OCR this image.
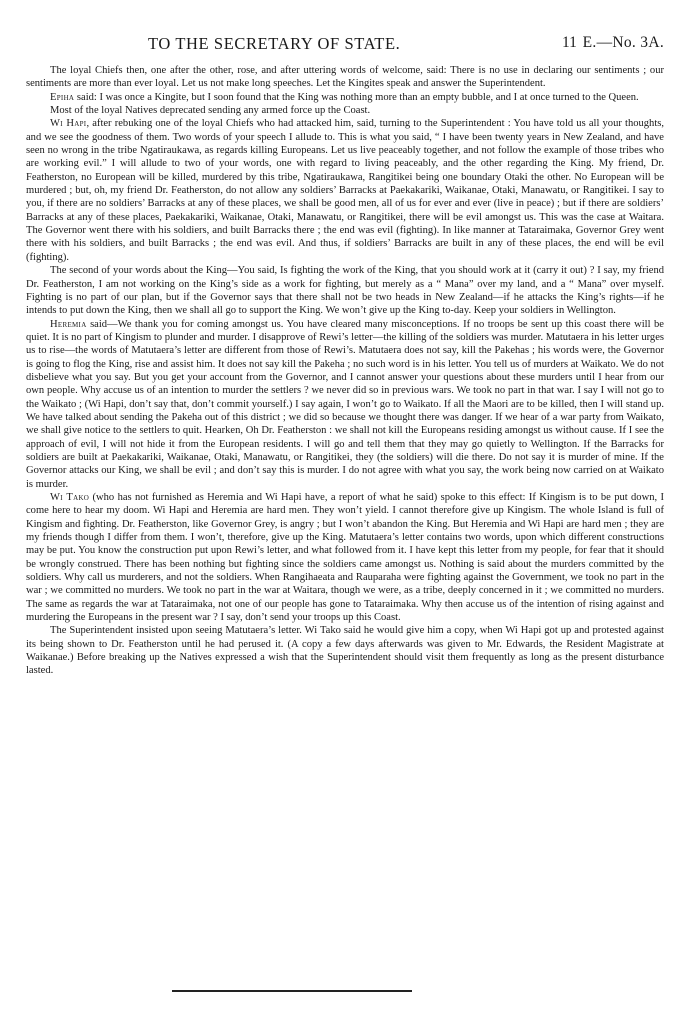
TO THE SECRETARY OF STATE.	11 E.—No. 3A.

The loyal Chiefs then, one after the other, rose, and after uttering words of welcome, said: There is no use in declaring our sentiments ; our sentiments are more than ever loyal. Let us not make long speeches. Let the Kingites speak and answer the Superintendent.

Epiha said: I was once a Kingite, but I soon found that the King was nothing more than an empty bubble, and I at once turned to the Queen.

Most of the loyal Natives deprecated sending any armed force up the Coast.

Wi Hapi, after rebuking one of the loyal Chiefs who had attacked him, said, turning to the Superintendent : You have told us all your thoughts, and we see the goodness of them. Two words of your speech I allude to. This is what you said, “ I have been twenty years in New Zealand, and have seen no wrong in the tribe Ngatiraukawa, as regards killing Europeans. Let us live peaceably together, and not follow the example of those tribes who are working evil.” I will allude to two of your words, one with regard to living peaceably, and the other regarding the King. My friend, Dr. Featherston, no European will be killed, murdered by this tribe, Ngatiraukawa, Rangitikei being one boundary Otaki the other. No European will be murdered ; but, oh, my friend Dr. Featherston, do not allow any soldiers’ Barracks at Paekakariki, Waikanae, Otaki, Manawatu, or Rangitikei. I say to you, if there are no soldiers’ Barracks at any of these places, we shall be good men, all of us for ever and ever (live in peace) ; but if there are soldiers’ Barracks at any of these places, Paekakariki, Waikanae, Otaki, Manawatu, or Rangitikei, there will be evil amongst us. This was the case at Waitara. The Governor went there with his soldiers, and built Barracks there ; the end was evil (fighting). In like manner at Tataraimaka, Governor Grey went there with his soldiers, and built Barracks ; the end was evil. And thus, if soldiers’ Barracks are built in any of these places, the end will be evil (fighting).

The second of your words about the King—You said, Is fighting the work of the King, that you should work at it (carry it out) ? I say, my friend Dr. Featherston, I am not working on the King’s side as a work for fighting, but merely as a “ Mana” over my land, and a “ Mana” over myself. Fighting is no part of our plan, but if the Governor says that there shall not be two heads in New Zealand—if he attacks the King’s rights—if he intends to put down the King, then we shall all go to support the King. We won’t give up the King to-day. Keep your soldiers in Wellington.

Heremia said—We thank you for coming amongst us. You have cleared many misconceptions. If no troops be sent up this coast there will be quiet. It is no part of Kingism to plunder and murder. I disapprove of Rewi’s letter—the killing of the soldiers was murder. Matutaera in his letter urges us to rise—the words of Matutaera’s letter are different from those of Rewi’s. Matutaera does not say, kill the Pakehas ; his words were, the Governor is going to flog the King, rise and assist him. It does not say kill the Pakeha ; no such word is in his letter. You tell us of murders at Waikato. We do not disbelieve what you say. But you get your account from the Governor, and I cannot answer your questions about these murders until I hear from our own people. Why accuse us of an intention to murder the settlers ? we never did so in previous wars. We took no part in that war. I say I will not go to the Waikato ; (Wi Hapi, don’t say that, don’t commit yourself.) I say again, I won’t go to Waikato. If all the Maori are to be killed, then I will stand up. We have talked about sending the Pakeha out of this district ; we did so because we thought there was danger. If we hear of a war party from Waikato, we shall give notice to the settlers to quit. Hearken, Oh Dr. Featherston : we shall not kill the Europeans residing amongst us without cause. If I see the approach of evil, I will not hide it from the European residents. I will go and tell them that they may go quietly to Wellington. If the Barracks for soldiers are built at Paekakariki, Waikanae, Otaki, Manawatu, or Rangitikei, they (the soldiers) will die there. Do not say it is murder of mine. If the Governor attacks our King, we shall be evil ; and don’t say this is murder. I do not agree with what you say, the work being now carried on at Waikato is murder.

Wi Tako (who has not furnished as Heremia and Wi Hapi have, a report of what he said) spoke to this effect: If Kingism is to be put down, I come here to hear my doom. Wi Hapi and Heremia are hard men. They won’t yield. I cannot therefore give up Kingism. The whole Island is full of Kingism and fighting. Dr. Featherston, like Governor Grey, is angry ; but I won’t abandon the King. But Heremia and Wi Hapi are hard men ; they are my friends though I differ from them. I won’t, therefore, give up the King. Matutaera’s letter contains two words, upon which different constructions may be put. You know the construction put upon Rewi’s letter, and what followed from it. I have kept this letter from my people, for fear that it should be wrongly construed. There has been nothing but fighting since the soldiers came amongst us. Nothing is said about the murders committed by the soldiers. Why call us murderers, and not the soldiers. When Rangihaeata and Rauparaha were fighting against the Government, we took no part in the war ; we committed no murders. We took no part in the war at Waitara, though we were, as a tribe, deeply concerned in it ; we committed no murders. The same as regards the war at Tataraimaka, not one of our people has gone to Tataraimaka. Why then accuse us of the intention of rising against and murdering the Europeans in the present war ? I say, don’t send your troops up this Coast.

The Superintendent insisted upon seeing Matutaera’s letter. Wi Tako said he would give him a copy, when Wi Hapi got up and protested against its being shown to Dr. Featherston until he had perused it. (A copy a few days afterwards was given to Mr. Edwards, the Resident Magistrate at Waikanae.) Before breaking up the Natives expressed a wish that the Superintendent should visit them frequently as long as the present disturbance lasted.
